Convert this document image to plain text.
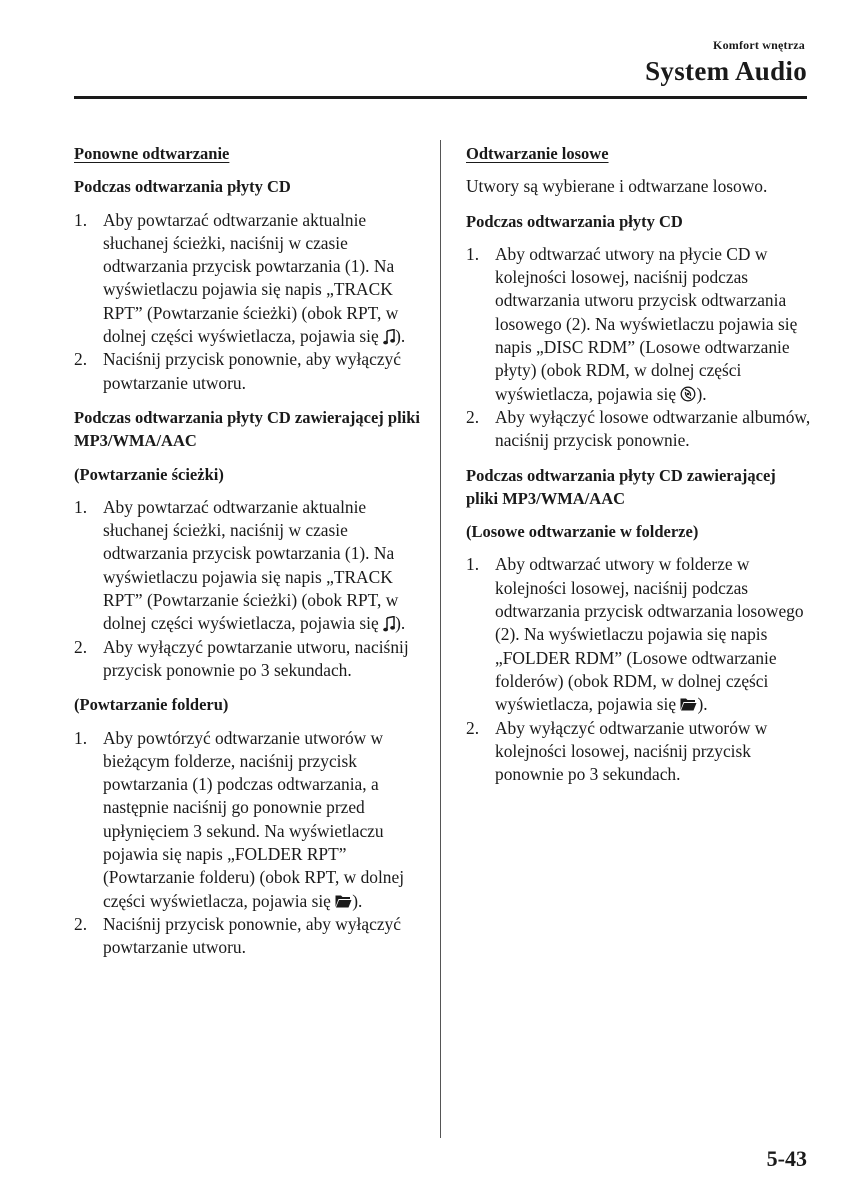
Komfort wnętrza
System Audio
Ponowne odtwarzanie
Podczas odtwarzania płyty CD
1. Aby powtarzać odtwarzanie aktualnie słuchanej ścieżki, naciśnij w czasie odtwarzania przycisk powtarzania (1). Na wyświetlaczu pojawia się napis „TRACK RPT” (Powtarzanie ścieżki) (obok RPT, w dolnej części wyświetlacza, pojawia się ).
2. Naciśnij przycisk ponownie, aby wyłączyć powtarzanie utworu.
Podczas odtwarzania płyty CD zawierającej pliki MP3/WMA/AAC
(Powtarzanie ścieżki)
1. Aby powtarzać odtwarzanie aktualnie słuchanej ścieżki, naciśnij w czasie odtwarzania przycisk powtarzania (1). Na wyświetlaczu pojawia się napis „TRACK RPT” (Powtarzanie ścieżki) (obok RPT, w dolnej części wyświetlacza, pojawia się ).
2. Aby wyłączyć powtarzanie utworu, naciśnij przycisk ponownie po 3 sekundach.
(Powtarzanie folderu)
1. Aby powtórzyć odtwarzanie utworów w bieżącym folderze, naciśnij przycisk powtarzania (1) podczas odtwarzania, a następnie naciśnij go ponownie przed upłynięciem 3 sekund. Na wyświetlaczu pojawia się napis „FOLDER RPT” (Powtarzanie folderu) (obok RPT, w dolnej części wyświetlacza, pojawia się ).
2. Naciśnij przycisk ponownie, aby wyłączyć powtarzanie utworu.
Odtwarzanie losowe
Utwory są wybierane i odtwarzane losowo.
Podczas odtwarzania płyty CD
1. Aby odtwarzać utwory na płycie CD w kolejności losowej, naciśnij podczas odtwarzania utworu przycisk odtwarzania losowego (2). Na wyświetlaczu pojawia się napis „DISC RDM” (Losowe odtwarzanie płyty) (obok RDM, w dolnej części wyświetlacza, pojawia się ).
2. Aby wyłączyć losowe odtwarzanie albumów, naciśnij przycisk ponownie.
Podczas odtwarzania płyty CD zawierającej pliki MP3/WMA/AAC
(Losowe odtwarzanie w folderze)
1. Aby odtwarzać utwory w folderze w kolejności losowej, naciśnij podczas odtwarzania przycisk odtwarzania losowego (2). Na wyświetlaczu pojawia się napis „FOLDER RDM” (Losowe odtwarzanie folderów) (obok RDM, w dolnej części wyświetlacza, pojawia się ).
2. Aby wyłączyć odtwarzanie utworów w kolejności losowej, naciśnij przycisk ponownie po 3 sekundach.
5-43
